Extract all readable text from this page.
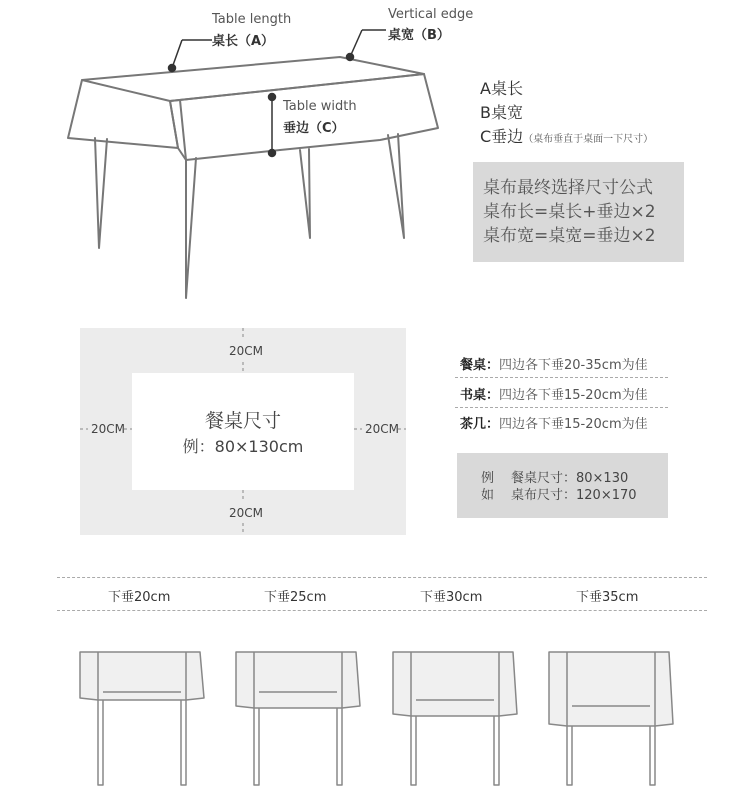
Table length
桌长（A）
Vertical edge
桌宽（B）
Table width
垂边（C）
A桌长
B桌宽
C垂边（桌布垂直于桌面一下尺寸）
桌布最终选择尺寸公式
桌布长=桌长+垂边×2
桌布宽=桌宽=垂边×2
20CM
20CM
20CM	20CM
餐桌尺寸
例：80×130cm
餐桌：四边各下垂20-35cm为佳
书桌：四边各下垂15-20cm为佳
茶几：四边各下垂15-20cm为佳
例
如
餐桌尺寸：80×130
桌布尺寸：120×170
下垂20cm	下垂25cm	下垂30cm	下垂35cm
